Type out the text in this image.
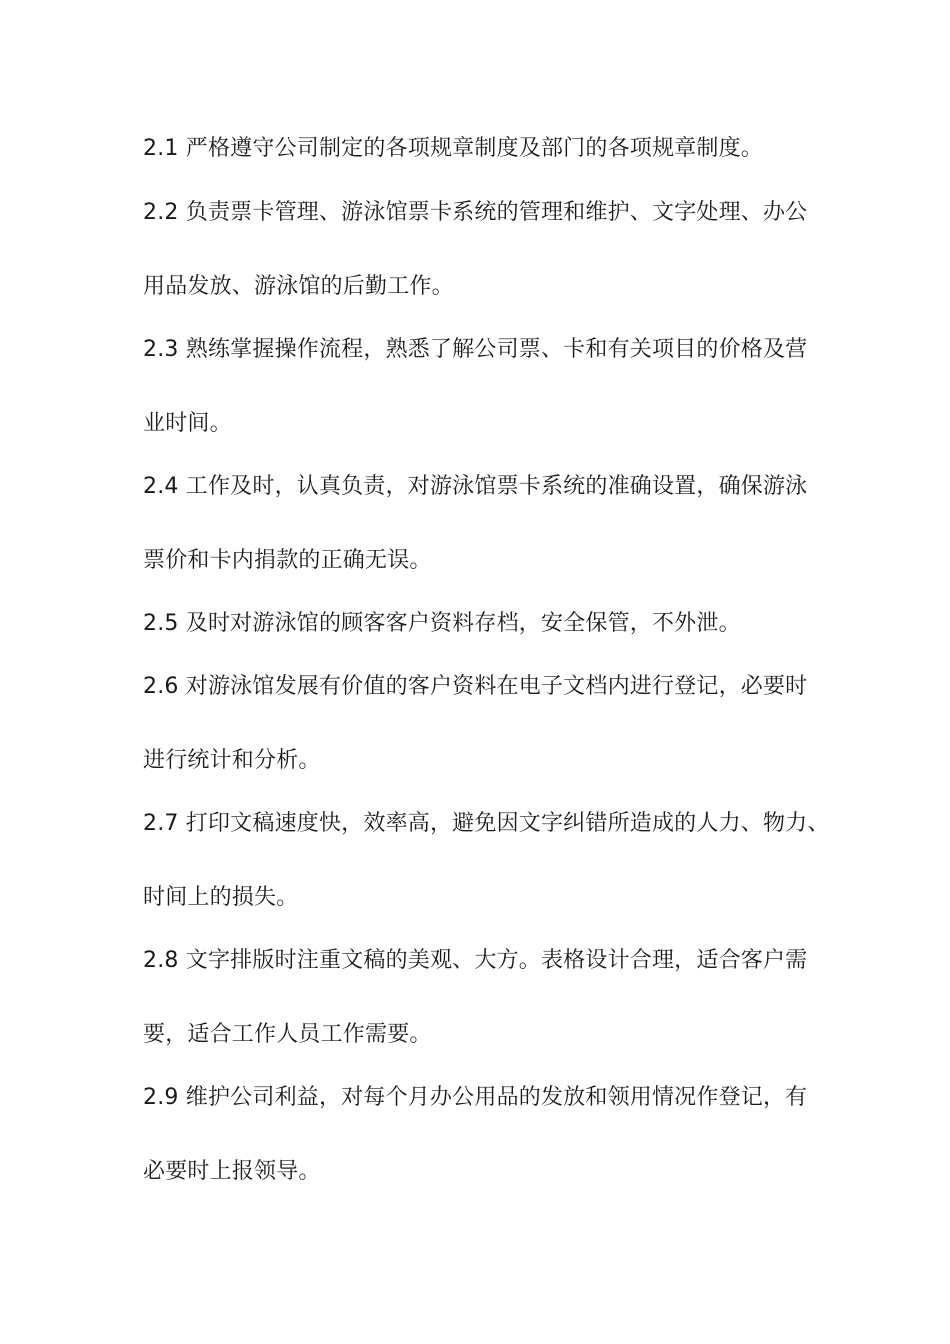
2.1 严格遵守公司制定的各项规章制度及部门的各项规章制度。
2.2 负责票卡管理、游泳馆票卡系统的管理和维护、文字处理、办公
用品发放、游泳馆的后勤工作。
2.3 熟练掌握操作流程，熟悉了解公司票、卡和有关项目的价格及营
业时间。
2.4 工作及时，认真负责，对游泳馆票卡系统的准确设置，确保游泳
票价和卡内捐款的正确无误。
2.5 及时对游泳馆的顾客客户资料存档，安全保管，不外泄。
2.6 对游泳馆发展有价值的客户资料在电子文档内进行登记，必要时
进行统计和分析。
2.7 打印文稿速度快，效率高，避免因文字纠错所造成的人力、物力、
时间上的损失。
2.8 文字排版时注重文稿的美观、大方。表格设计合理，适合客户需
要，适合工作人员工作需要。
2.9 维护公司利益，对每个月办公用品的发放和领用情况作登记，有
必要时上报领导。
